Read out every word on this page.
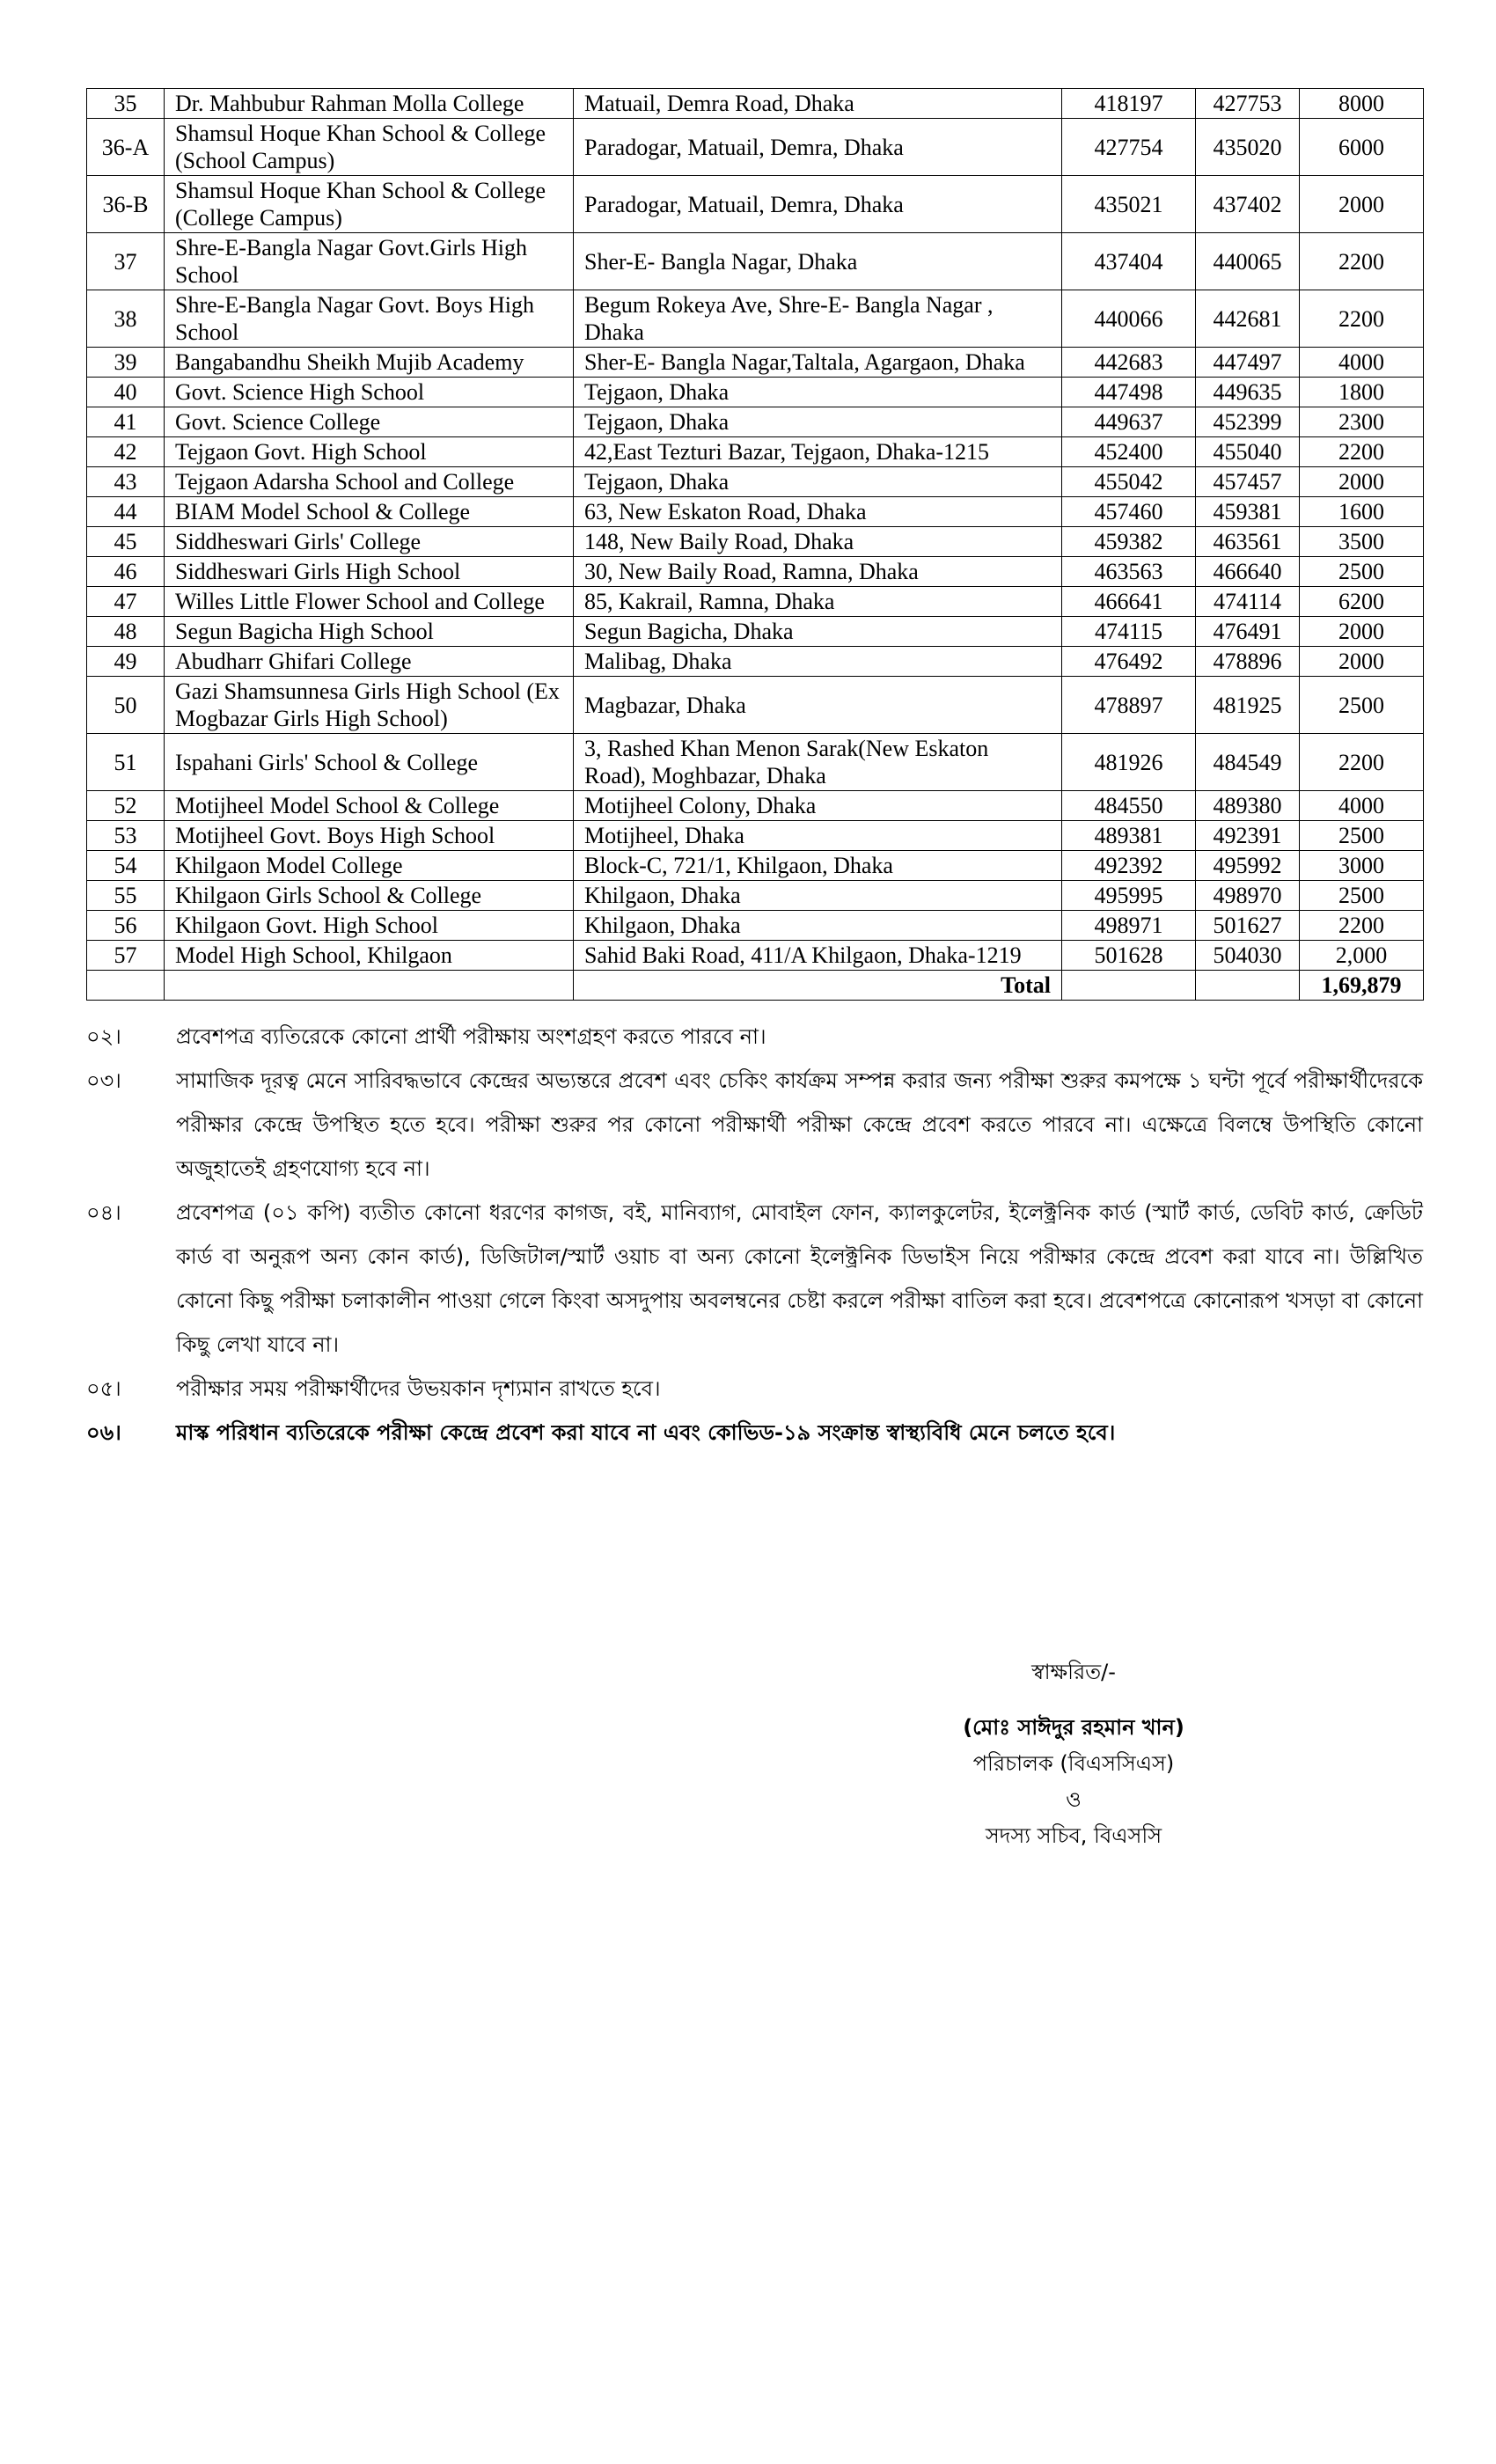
35	Dr. Mahbubur Rahman Molla College	Matuail, Demra Road, Dhaka	418197	427753	8000
36-A	Shamsul Hoque Khan School & College (School Campus)	Paradogar, Matuail, Demra, Dhaka	427754	435020	6000
36-B	Shamsul Hoque Khan School & College (College Campus)	Paradogar, Matuail, Demra, Dhaka	435021	437402	2000
37	Shre-E-Bangla Nagar Govt.Girls High School	Sher-E- Bangla Nagar, Dhaka	437404	440065	2200
38	Shre-E-Bangla Nagar Govt. Boys High School	Begum Rokeya Ave, Shre-E- Bangla Nagar , Dhaka	440066	442681	2200
39	Bangabandhu Sheikh Mujib Academy	Sher-E- Bangla Nagar,Taltala, Agargaon, Dhaka	442683	447497	4000
40	Govt. Science High School	Tejgaon, Dhaka	447498	449635	1800
41	Govt. Science College	Tejgaon, Dhaka	449637	452399	2300
42	Tejgaon Govt. High School	42,East Tezturi Bazar, Tejgaon, Dhaka-1215	452400	455040	2200
43	Tejgaon Adarsha School and College	Tejgaon, Dhaka	455042	457457	2000
44	BIAM Model School & College	63, New Eskaton Road, Dhaka	457460	459381	1600
45	Siddheswari Girls' College	148, New Baily Road, Dhaka	459382	463561	3500
46	Siddheswari Girls High School	30, New Baily Road, Ramna, Dhaka	463563	466640	2500
47	Willes Little Flower School and College	85, Kakrail, Ramna, Dhaka	466641	474114	6200
48	Segun Bagicha High School	Segun Bagicha, Dhaka	474115	476491	2000
49	Abudharr Ghifari College	Malibag, Dhaka	476492	478896	2000
50	Gazi Shamsunnesa Girls High School (Ex Mogbazar Girls High School)	Magbazar, Dhaka	478897	481925	2500
51	Ispahani Girls' School & College	3, Rashed Khan Menon Sarak(New Eskaton Road), Moghbazar, Dhaka	481926	484549	2200
52	Motijheel Model School & College	Motijheel Colony, Dhaka	484550	489380	4000
53	Motijheel Govt. Boys High School	Motijheel, Dhaka	489381	492391	2500
54	Khilgaon Model College	Block-C, 721/1, Khilgaon, Dhaka	492392	495992	3000
55	Khilgaon Girls School & College	Khilgaon, Dhaka	495995	498970	2500
56	Khilgaon Govt. High School	Khilgaon, Dhaka	498971	501627	2200
57	Model High School, Khilgaon	Sahid Baki Road, 411/A Khilgaon, Dhaka-1219	501628	504030	2,000
		Total			1,69,879
০২।	প্রবেশপত্র ব্যতিরেকে কোনো প্রার্থী পরীক্ষায় অংশগ্রহণ করতে পারবে না।
০৩।	সামাজিক দূরত্ব মেনে সারিবদ্ধভাবে কেন্দ্রের অভ্যন্তরে প্রবেশ এবং চেকিং কার্যক্রম সম্পন্ন করার জন্য পরীক্ষা শুরুর কমপক্ষে ১ ঘন্টা পূর্বে পরীক্ষার্থীদেরকে পরীক্ষার কেন্দ্রে উপস্থিত হতে হবে। পরীক্ষা শুরুর পর কোনো পরীক্ষার্থী পরীক্ষা কেন্দ্রে প্রবেশ করতে পারবে না। এক্ষেত্রে বিলম্বে উপস্থিতি কোনো অজুহাতেই গ্রহণযোগ্য হবে না।
০৪।	প্রবেশপত্র (০১ কপি) ব্যতীত কোনো ধরণের কাগজ, বই, মানিব্যাগ, মোবাইল ফোন, ক্যালকুলেটর, ইলেক্ট্রনিক কার্ড (স্মার্ট কার্ড, ডেবিট কার্ড, ক্রেডিট কার্ড বা অনুরূপ অন্য কোন কার্ড), ডিজিটাল/স্মার্ট ওয়াচ বা অন্য কোনো ইলেক্ট্রনিক ডিভাইস নিয়ে পরীক্ষার কেন্দ্রে প্রবেশ করা যাবে না। উল্লিখিত কোনো কিছু পরীক্ষা চলাকালীন পাওয়া গেলে কিংবা অসদুপায় অবলম্বনের চেষ্টা করলে পরীক্ষা বাতিল করা হবে। প্রবেশপত্রে কোনোরূপ খসড়া বা কোনো কিছু লেখা যাবে না।
০৫।	পরীক্ষার সময় পরীক্ষার্থীদের উভয়কান দৃশ্যমান রাখতে হবে।
০৬।	মাস্ক পরিধান ব্যতিরেকে পরীক্ষা কেন্দ্রে প্রবেশ করা যাবে না এবং কোভিড-১৯ সংক্রান্ত স্বাস্থ্যবিধি মেনে চলতে হবে।
স্বাক্ষরিত/-
(মোঃ সাঈদুর রহমান খান)
পরিচালক (বিএসসিএস)
ও
সদস্য সচিব, বিএসসি
